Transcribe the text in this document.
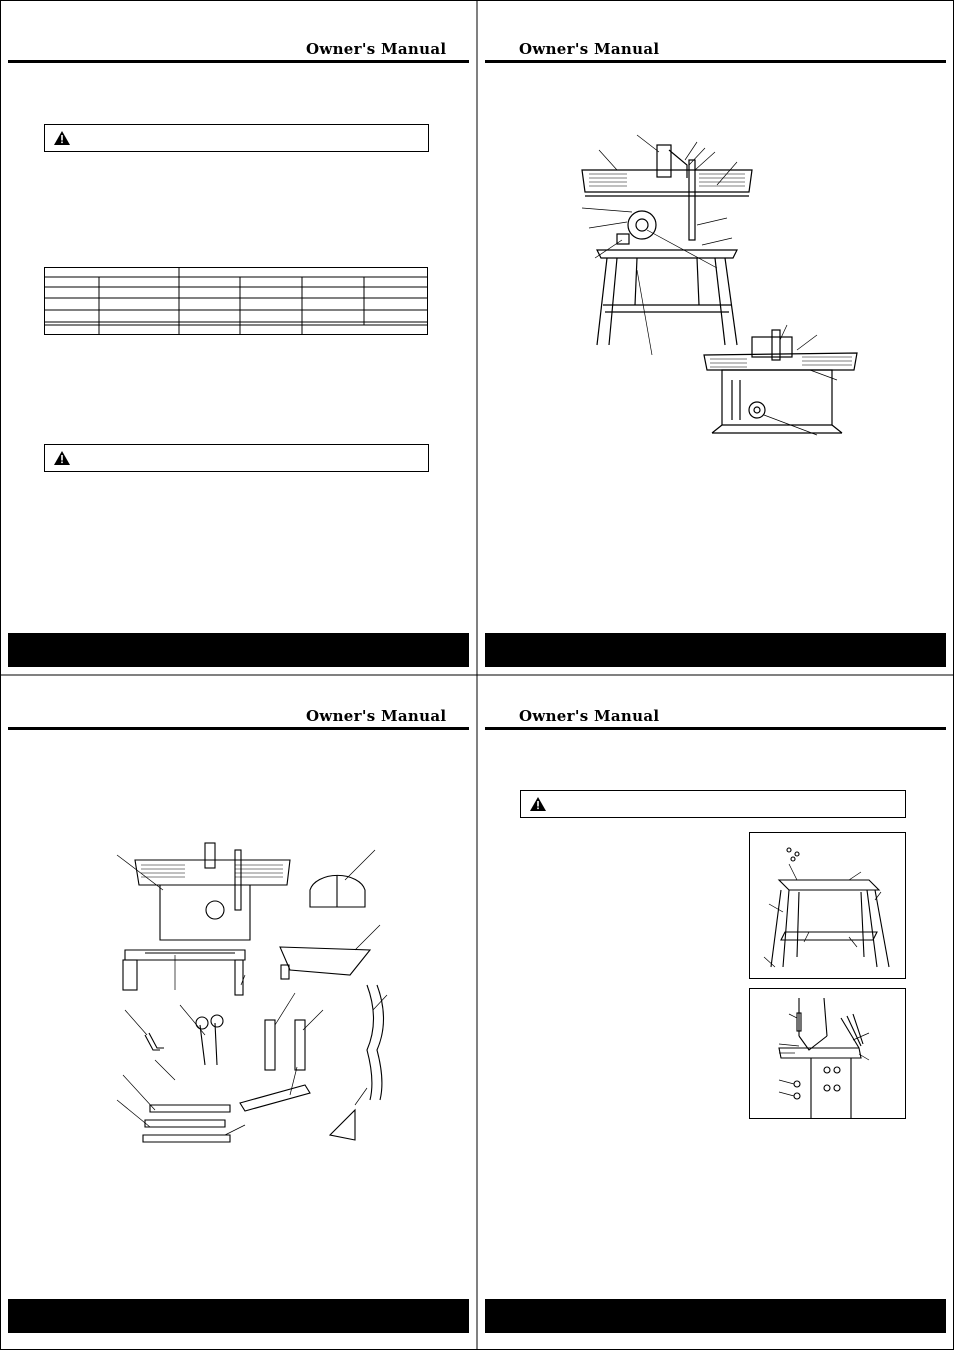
Owner's Manual	Owner's Manual
Owner's Manual	Owner's Manual
